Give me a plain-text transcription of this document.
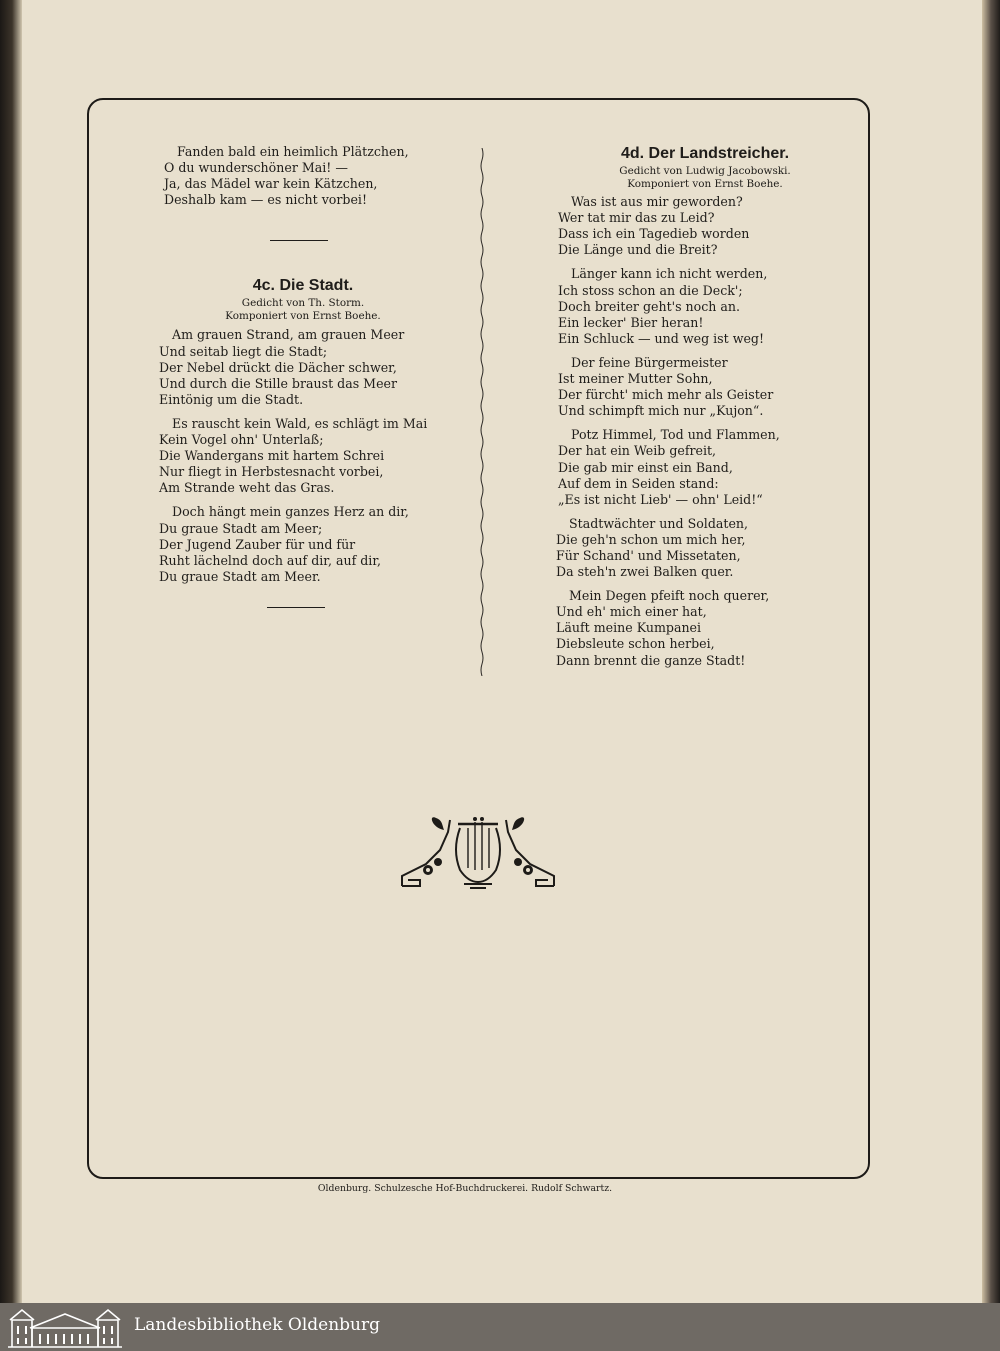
Fanden bald ein heimlich Plätzchen,
O du wunderschöner Mai! —
Ja, das Mädel war kein Kätzchen,
Deshalb kam — es nicht vorbei!
4c. Die Stadt.
Gedicht von Th. Storm.
Komponiert von Ernst Boehe.
Am grauen Strand, am grauen Meer
Und seitab liegt die Stadt;
Der Nebel drückt die Dächer schwer,
Und durch die Stille braust das Meer
Eintönig um die Stadt.
Es rauscht kein Wald, es schlägt im Mai
Kein Vogel ohn' Unterlaß;
Die Wandergans mit hartem Schrei
Nur fliegt in Herbstesnacht vorbei,
Am Strande weht das Gras.
Doch hängt mein ganzes Herz an dir,
Du graue Stadt am Meer;
Der Jugend Zauber für und für
Ruht lächelnd doch auf dir, auf dir,
Du graue Stadt am Meer.
4d. Der Landstreicher.
Gedicht von Ludwig Jacobowski.
Komponiert von Ernst Boehe.
Was ist aus mir geworden?
Wer tat mir das zu Leid?
Dass ich ein Tagedieb worden
Die Länge und die Breit?
Länger kann ich nicht werden,
Ich stoss schon an die Deck';
Doch breiter geht's noch an.
Ein lecker' Bier heran!
Ein Schluck — und weg ist weg!
Der feine Bürgermeister
Ist meiner Mutter Sohn,
Der fürcht' mich mehr als Geister
Und schimpft mich nur „Kujon“.
Potz Himmel, Tod und Flammen,
Der hat ein Weib gefreit,
Die gab mir einst ein Band,
Auf dem in Seiden stand:
„Es ist nicht Lieb' — ohn' Leid!“
Stadtwächter und Soldaten,
Die geh'n schon um mich her,
Für Schand' und Missetaten,
Da steh'n zwei Balken quer.
Mein Degen pfeift noch querer,
Und eh' mich einer hat,
Läuft meine Kumpanei
Diebsleute schon herbei,
Dann brennt die ganze Stadt!
Oldenburg. Schulzesche Hof-Buchdruckerei. Rudolf Schwartz.
Landesbibliothek Oldenburg
